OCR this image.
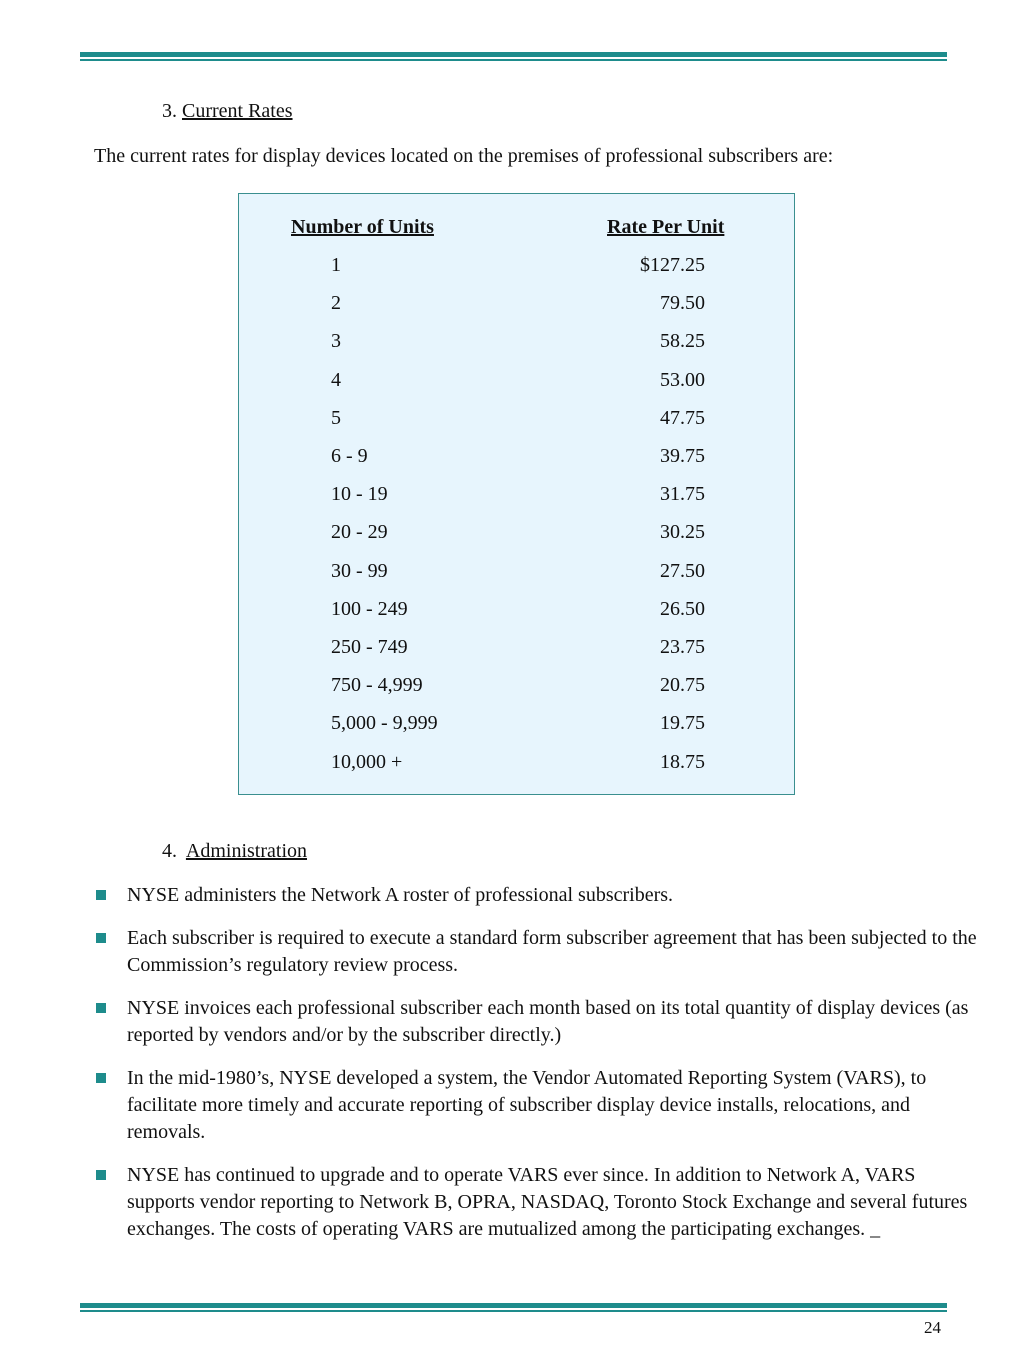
3. Current Rates
The current rates for display devices located on the premises of professional subscribers are:
Number of Units	Rate Per Unit
1	$127.25
2	79.50
3	58.25
4	53.00
5	47.75
6 - 9	39.75
10 - 19	31.75
20 - 29	30.25
30 - 99	27.50
100 - 249	26.50
250 - 749	23.75
750 - 4,999	20.75
5,000 - 9,999	19.75
10,000 +	18.75
4. Administration
NYSE administers the Network A roster of professional subscribers.
Each subscriber is required to execute a standard form subscriber agreement that has been subjected to the Commission’s regulatory review process.
NYSE invoices each professional subscriber each month based on its total quantity of display devices (as reported by vendors and/or by the subscriber directly.)
In the mid-1980’s, NYSE developed a system, the Vendor Automated Reporting System (VARS), to facilitate more timely and accurate reporting of subscriber display device installs, relocations, and removals.
NYSE has continued to upgrade and to operate VARS ever since. In addition to Network A, VARS supports vendor reporting to Network B, OPRA, NASDAQ, Toronto Stock Exchange and several futures exchanges. The costs of operating VARS are mutualized among the participating exchanges. _
24
